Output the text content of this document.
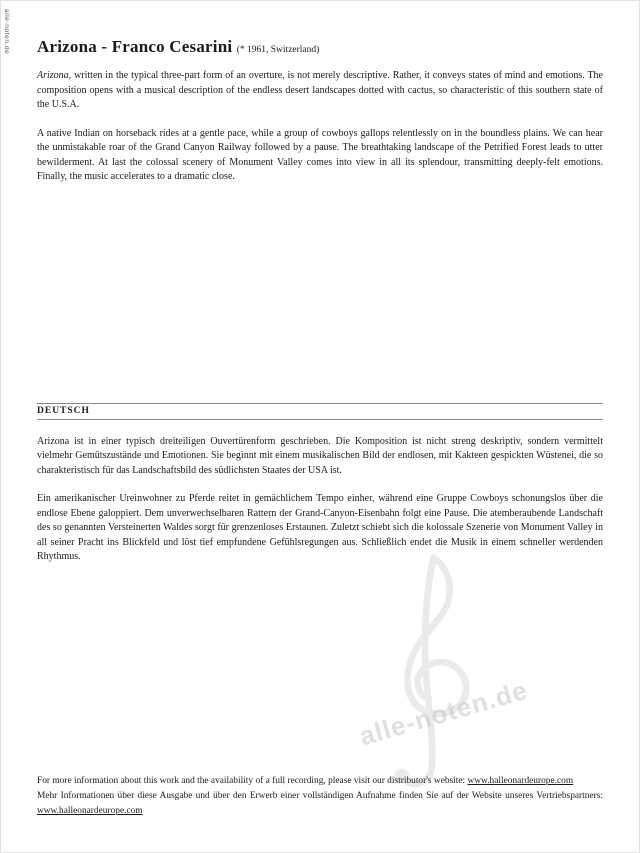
alle-noten.de
alle-noten.de
Arizona - Franco Cesarini (* 1961, Switzerland)

Arizona, written in the typical three-part form of an overture, is not merely descriptive. Rather, it conveys states of mind and emotions. The composition opens with a musical description of the endless desert landscapes dotted with cactus, so characteristic of this southern state of the U.S.A.

A native Indian on horseback rides at a gentle pace, while a group of cowboys gallops relentlessly on in the boundless plains. We can hear the unmistakable roar of the Grand Canyon Railway followed by a pause. The breathtaking landscape of the Petrified Forest leads to utter bewilderment. At last the colossal scenery of Monument Valley comes into view in all its splendour, transmitting deeply-felt emotions. Finally, the music accelerates to a dramatic close.

DEUTSCH

Arizona ist in einer typisch dreiteiligen Ouvertürenform geschrieben. Die Komposition ist nicht streng deskriptiv, sondern vermittelt vielmehr Gemütszustände und Emotionen. Sie beginnt mit einem musikalischen Bild der endlosen, mit Kakteen gespickten Wüstenei, die so charakteristisch für das Landschaftsbild des südlichsten Staates der USA ist.

Ein amerikanischer Ureinwohner zu Pferde reitet in gemächlichem Tempo einher, während eine Gruppe Cowboys schonungslos über die endlose Ebene galoppiert. Dem unverwechselbaren Rattern der Grand-Canyon-Eisenbahn folgt eine Pause. Die atemberaubende Landschaft des so genannten Versteinerten Waldes sorgt für grenzenloses Erstaunen. Zuletzt schiebt sich die kolossale Szenerie von Monument Valley in all seiner Pracht ins Blickfeld und löst tief empfundene Gefühlsregungen aus. Schließlich endet die Musik in einem schneller werdenden Rhythmus.

For more information about this work and the availability of a full recording, please visit our distributor's website: www.halleonardeurope.com

Mehr Informationen über diese Ausgabe und über den Erwerb einer vollständigen Aufnahme finden Sie auf der Website unseres Vertriebspartners: www.halleonardeurope.com
